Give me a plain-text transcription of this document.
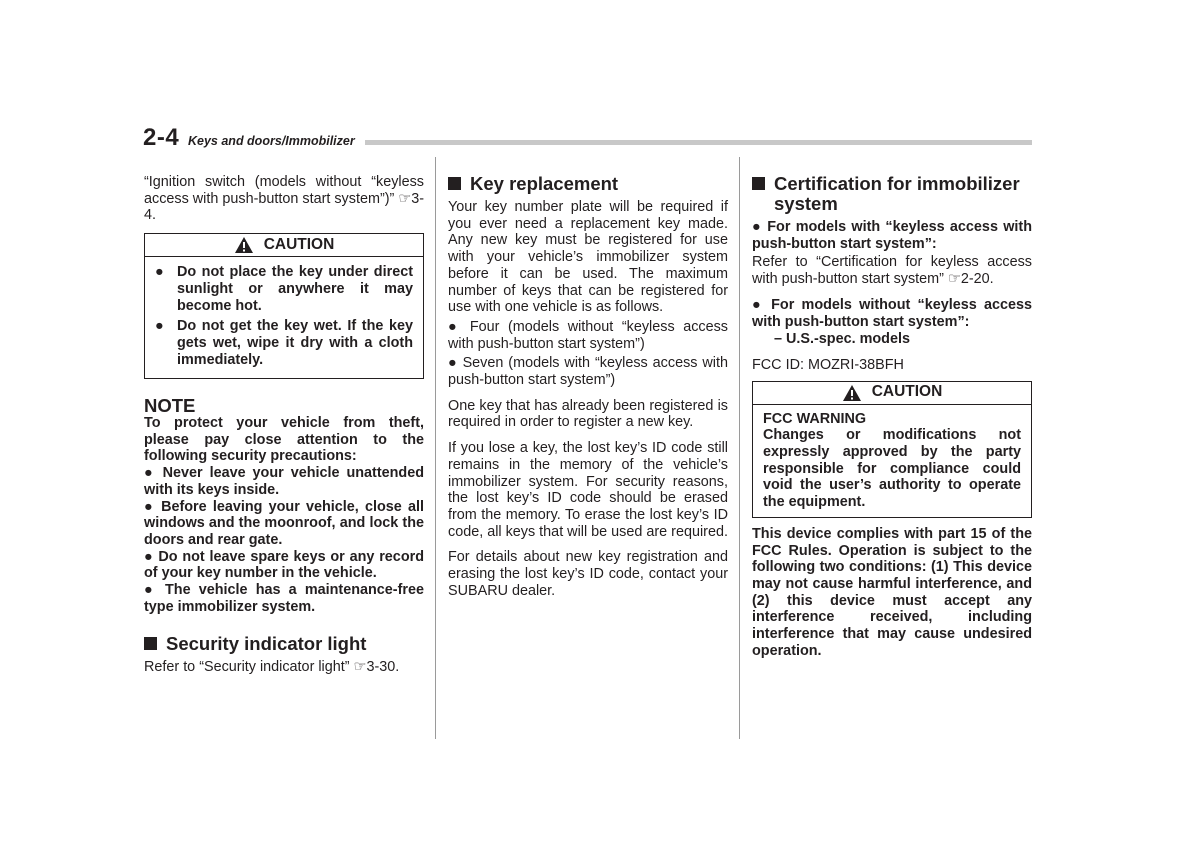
2-4 Keys and doors/Immobilizer

“Ignition switch (models without “keyless access with push-button start system”)” ☞3-4.

CAUTION
● Do not place the key under direct sunlight or anywhere it may become hot.
● Do not get the key wet. If the key gets wet, wipe it dry with a cloth immediately.
NOTE

To protect your vehicle from theft, please pay close attention to the following security precautions:

● Never leave your vehicle unattended with its keys inside.

● Before leaving your vehicle, close all windows and the moonroof, and lock the doors and rear gate.

● Do not leave spare keys or any record of your key number in the vehicle.

● The vehicle has a maintenance-free type immobilizer system.

Security indicator light

Refer to “Security indicator light” ☞3-30.

Key replacement

Your key number plate will be required if you ever need a replacement key made. Any new key must be registered for use with your vehicle’s immobilizer system before it can be used. The maximum number of keys that can be registered for use with one vehicle is as follows.

● Four (models without “keyless access with push-button start system”)

● Seven (models with “keyless access with push-button start system”)

One key that has already been registered is required in order to register a new key.

If you lose a key, the lost key’s ID code still remains in the memory of the vehicle’s immobilizer system. For security reasons, the lost key’s ID code should be erased from the memory. To erase the lost key’s ID code, all keys that will be used are required.

For details about new key registration and erasing the lost key’s ID code, contact your SUBARU dealer.

Certification for immobilizer system

● For models with “keyless access with push-button start system”:

Refer to “Certification for keyless access with push-button start system” ☞2-20.

● For models without “keyless access with push-button start system”:

– U.S.-spec. models

FCC ID: MOZRI-38BFH

CAUTION
FCC WARNING

Changes or modifications not expressly approved by the party responsible for compliance could void the user’s authority to operate the equipment.

This device complies with part 15 of the FCC Rules. Operation is subject to the following two conditions: (1) This device may not cause harmful interference, and (2) this device must accept any interference received, including interference that may cause undesired operation.
